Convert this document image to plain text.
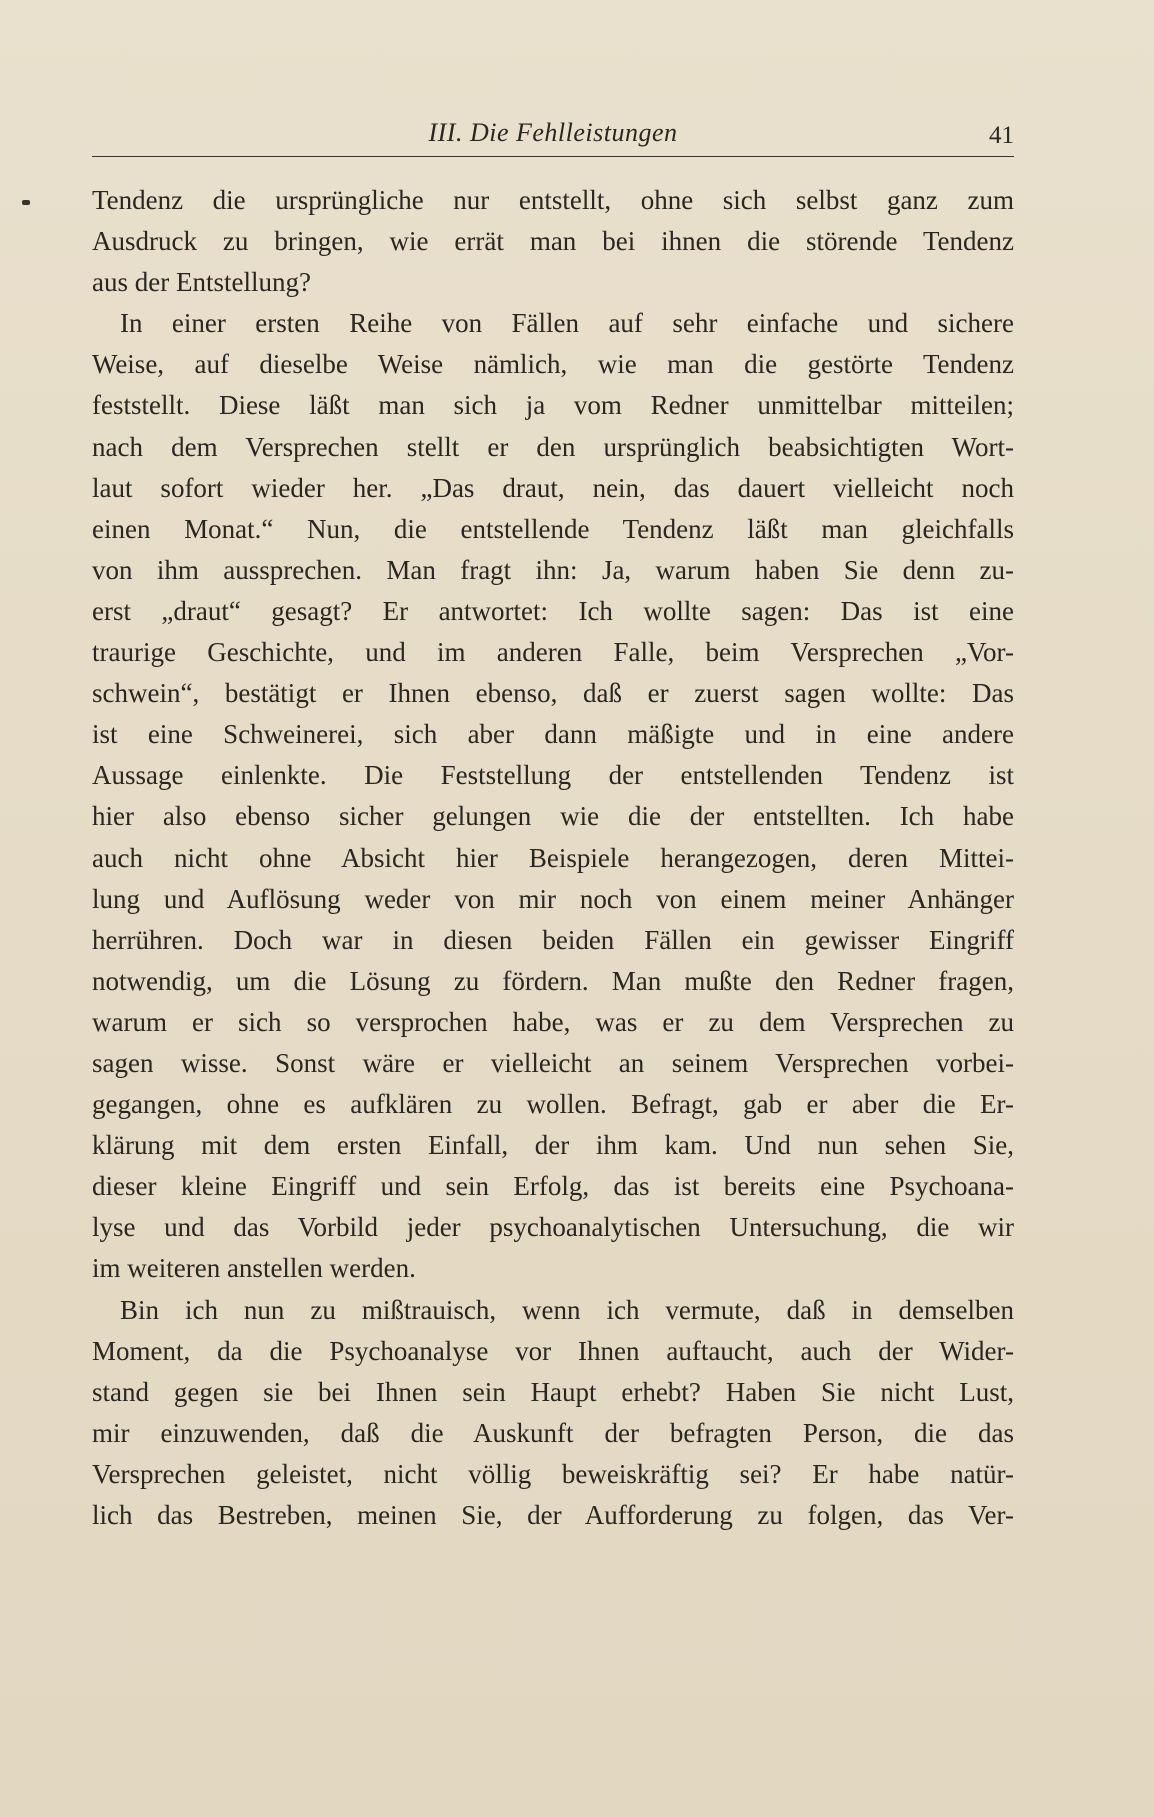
III. Die Fehlleistungen	41
Tendenz die ursprüngliche nur entstellt, ohne sich selbst ganz zum
Ausdruck zu bringen, wie errät man bei ihnen die störende Tendenz
aus der Entstellung?
In einer ersten Reihe von Fällen auf sehr einfache und sichere
Weise, auf dieselbe Weise nämlich, wie man die gestörte Tendenz
feststellt. Diese läßt man sich ja vom Redner unmittelbar mitteilen;
nach dem Versprechen stellt er den ursprünglich beabsichtigten Wort-
laut sofort wieder her. „Das draut, nein, das dauert vielleicht noch
einen Monat.“ Nun, die entstellende Tendenz läßt man gleichfalls
von ihm aussprechen. Man fragt ihn: Ja, warum haben Sie denn zu-
erst „draut“ gesagt? Er antwortet: Ich wollte sagen: Das ist eine
traurige Geschichte, und im anderen Falle, beim Versprechen „Vor-
schwein“, bestätigt er Ihnen ebenso, daß er zuerst sagen wollte: Das
ist eine Schweinerei, sich aber dann mäßigte und in eine andere
Aussage einlenkte. Die Feststellung der entstellenden Tendenz ist
hier also ebenso sicher gelungen wie die der entstellten. Ich habe
auch nicht ohne Absicht hier Beispiele herangezogen, deren Mittei-
lung und Auflösung weder von mir noch von einem meiner Anhänger
herrühren. Doch war in diesen beiden Fällen ein gewisser Eingriff
notwendig, um die Lösung zu fördern. Man mußte den Redner fragen,
warum er sich so versprochen habe, was er zu dem Versprechen zu
sagen wisse. Sonst wäre er vielleicht an seinem Versprechen vorbei-
gegangen, ohne es aufklären zu wollen. Befragt, gab er aber die Er-
klärung mit dem ersten Einfall, der ihm kam. Und nun sehen Sie,
dieser kleine Eingriff und sein Erfolg, das ist bereits eine Psychoana-
lyse und das Vorbild jeder psychoanalytischen Untersuchung, die wir
im weiteren anstellen werden.
Bin ich nun zu mißtrauisch, wenn ich vermute, daß in demselben
Moment, da die Psychoanalyse vor Ihnen auftaucht, auch der Wider-
stand gegen sie bei Ihnen sein Haupt erhebt? Haben Sie nicht Lust,
mir einzuwenden, daß die Auskunft der befragten Person, die das
Versprechen geleistet, nicht völlig beweiskräftig sei? Er habe natür-
lich das Bestreben, meinen Sie, der Aufforderung zu folgen, das Ver-
